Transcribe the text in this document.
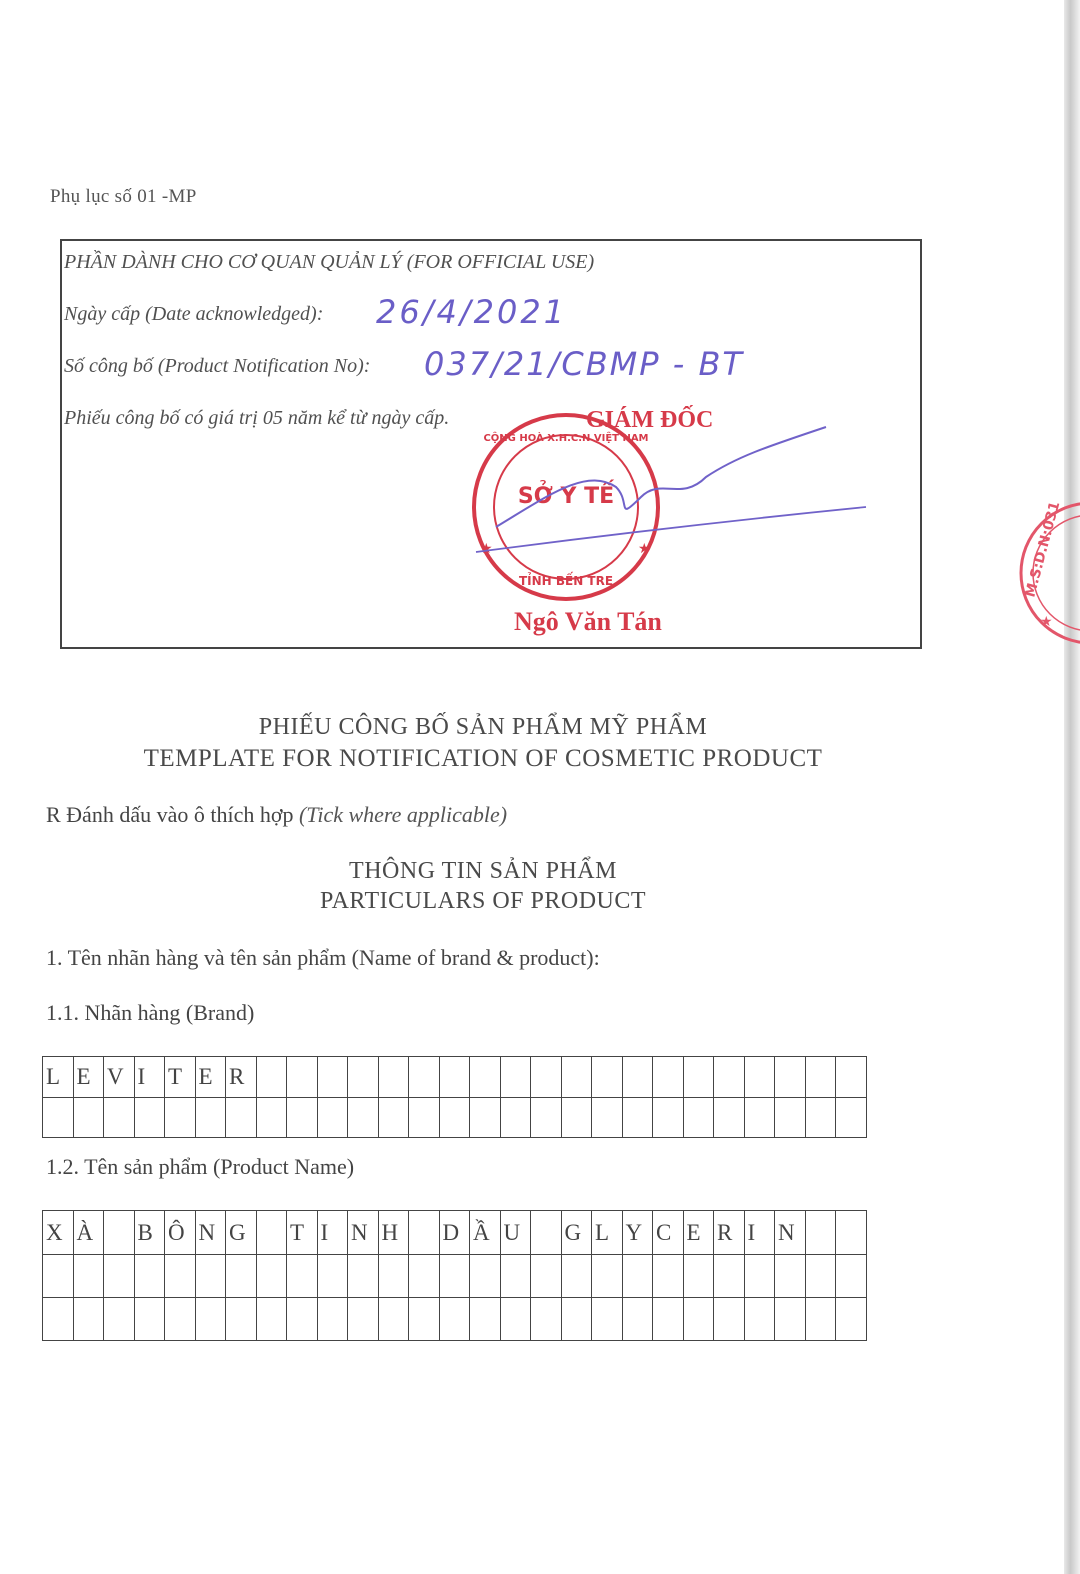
M.S:D.N:031
★
Phụ lục số 01 -MP
PHẦN DÀNH CHO CƠ QUAN QUẢN LÝ (FOR OFFICIAL USE)
Ngày cấp (Date acknowledged): 26/4/2021
Số công bố (Product Notification No): 037/21/CBMP - BT
Phiếu công bố có giá trị 05 năm kể từ ngày cấp.
SỞ Y TẾ
TỈNH BẾN TRE
CỘNG HOÀ X.H.C.N VIỆT NAM
★	★
GIÁM ĐỐC
Ngô Văn Tán
PHIẾU CÔNG BỐ SẢN PHẨM MỸ PHẨM
TEMPLATE FOR NOTIFICATION OF COSMETIC PRODUCT
R Đánh dấu vào ô thích hợp (Tick where applicable)
THÔNG TIN SẢN PHẨM
PARTICULARS OF PRODUCT
1. Tên nhãn hàng và tên sản phẩm (Name of brand & product):
1.1. Nhãn hàng (Brand)
L	E	V	I	T	E	R																				

1.2. Tên sản phẩm (Product Name)
X	À		B	Ô	N	G		T	I	N	H		D	Ầ	U		G	L	Y	C	E	R	I	N		
